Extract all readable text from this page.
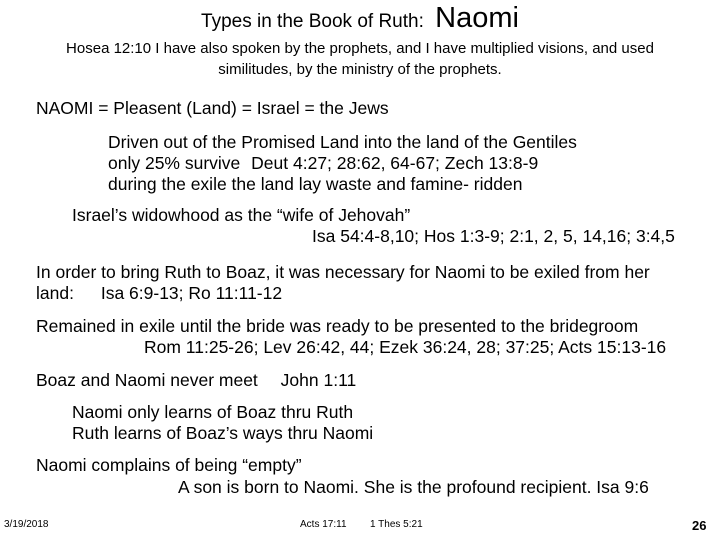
Types in the Book of Ruth: Naomi
Hosea 12:10 I have also spoken by the prophets, and I have multiplied visions, and used
similitudes, by the ministry of the prophets.
NAOMI = Pleasent (Land) = Israel = the Jews
Driven out of the Promised Land into the land of the Gentiles
only 25% survive Deut 4:27; 28:62, 64-67; Zech 13:8-9
during the exile the land lay waste and famine- ridden
Israel’s widowhood as the “wife of Jehovah”
Isa 54:4-8,10; Hos 1:3-9; 2:1, 2, 5, 14,16; 3:4,5
In order to bring Ruth to Boaz, it was necessary for Naomi to be exiled from her
land: Isa 6:9-13; Ro 11:11-12
Remained in exile until the bride was ready to be presented to the bridegroom
Rom 11:25-26; Lev 26:42, 44; Ezek 36:24, 28; 37:25; Acts 15:13-16
Boaz and Naomi never meet John 1:11
Naomi only learns of Boaz thru Ruth
Ruth learns of Boaz’s ways thru Naomi
Naomi complains of being “empty”
A son is born to Naomi. She is the profound recipient. Isa 9:6
3/19/2018	Acts 17:11 1 Thes 5:21	26
